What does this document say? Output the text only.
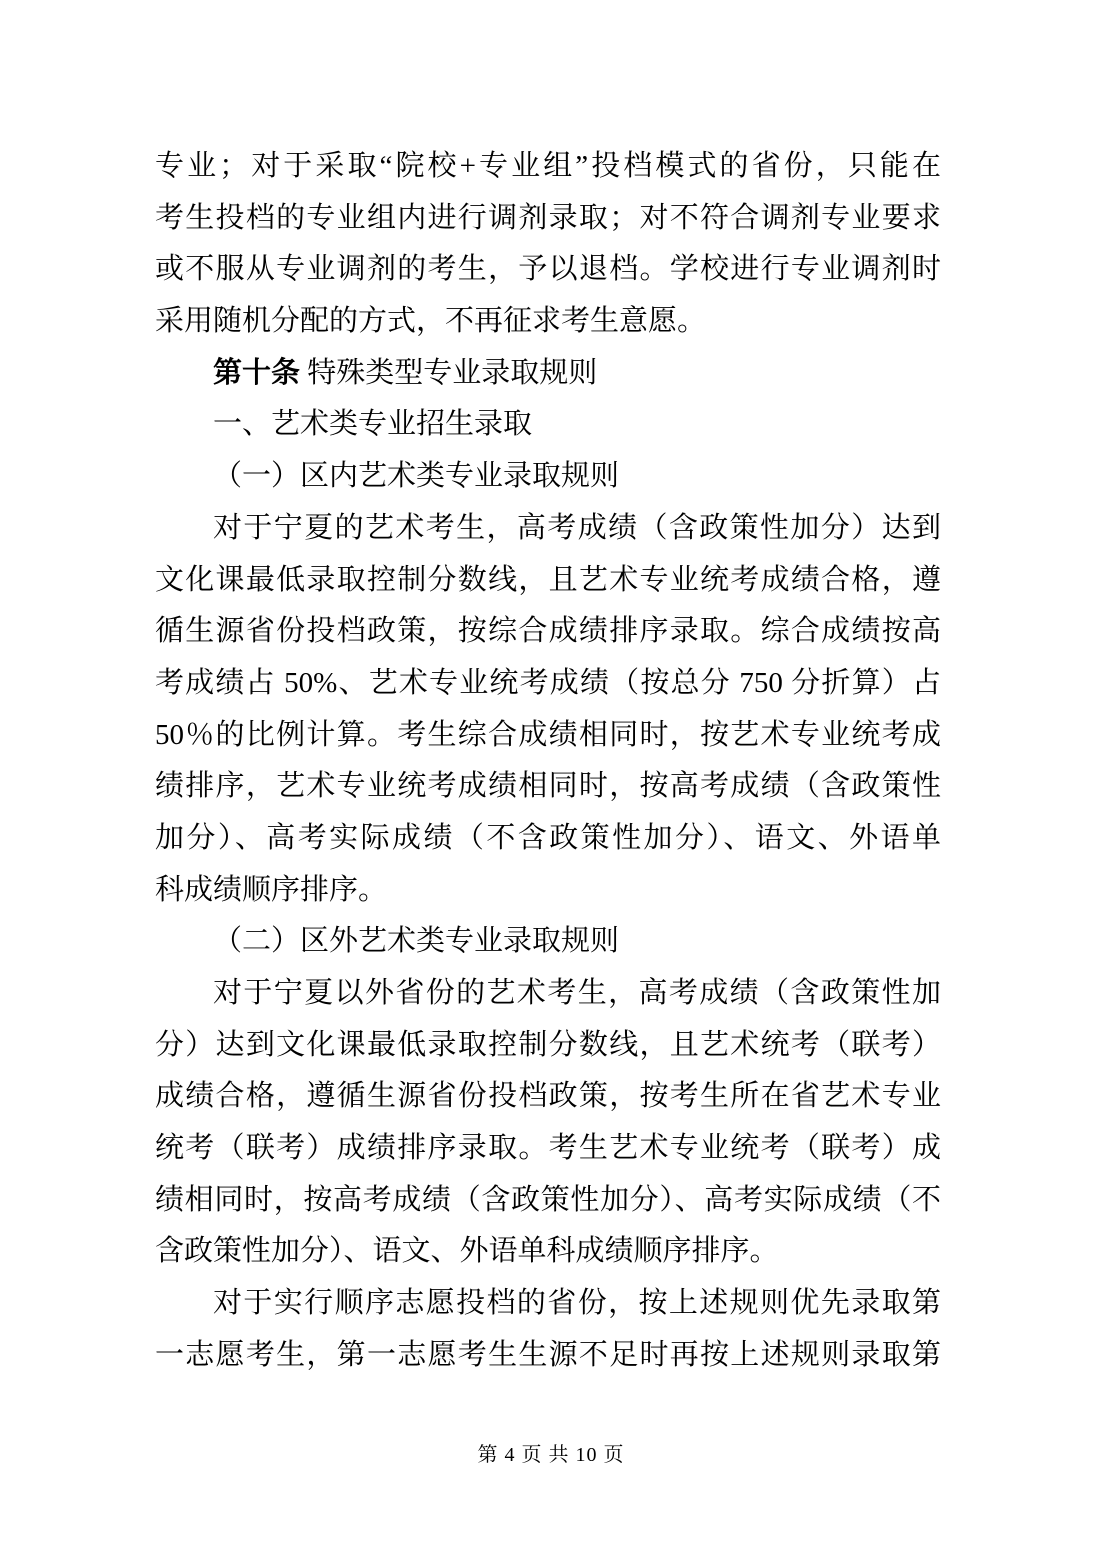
专业；对于采取“院校+专业组”投档模式的省份，只能在
考生投档的专业组内进行调剂录取；对不符合调剂专业要求
或不服从专业调剂的考生，予以退档。学校进行专业调剂时
采用随机分配的方式，不再征求考生意愿。
第十条 特殊类型专业录取规则
一、艺术类专业招生录取
（一）区内艺术类专业录取规则
对于宁夏的艺术考生，高考成绩（含政策性加分）达到
文化课最低录取控制分数线，且艺术专业统考成绩合格，遵
循生源省份投档政策，按综合成绩排序录取。综合成绩按高
考成绩占 50%、艺术专业统考成绩（按总分 750 分折算）占
50％的比例计算。考生综合成绩相同时，按艺术专业统考成
绩排序，艺术专业统考成绩相同时，按高考成绩（含政策性
加分）、高考实际成绩（不含政策性加分）、语文、外语单
科成绩顺序排序。
（二）区外艺术类专业录取规则
对于宁夏以外省份的艺术考生，高考成绩（含政策性加
分）达到文化课最低录取控制分数线，且艺术统考（联考）
成绩合格，遵循生源省份投档政策，按考生所在省艺术专业
统考（联考）成绩排序录取。考生艺术专业统考（联考）成
绩相同时，按高考成绩（含政策性加分）、高考实际成绩（不
含政策性加分）、语文、外语单科成绩顺序排序。
对于实行顺序志愿投档的省份，按上述规则优先录取第
一志愿考生，第一志愿考生生源不足时再按上述规则录取第
第 4 页 共 10 页
